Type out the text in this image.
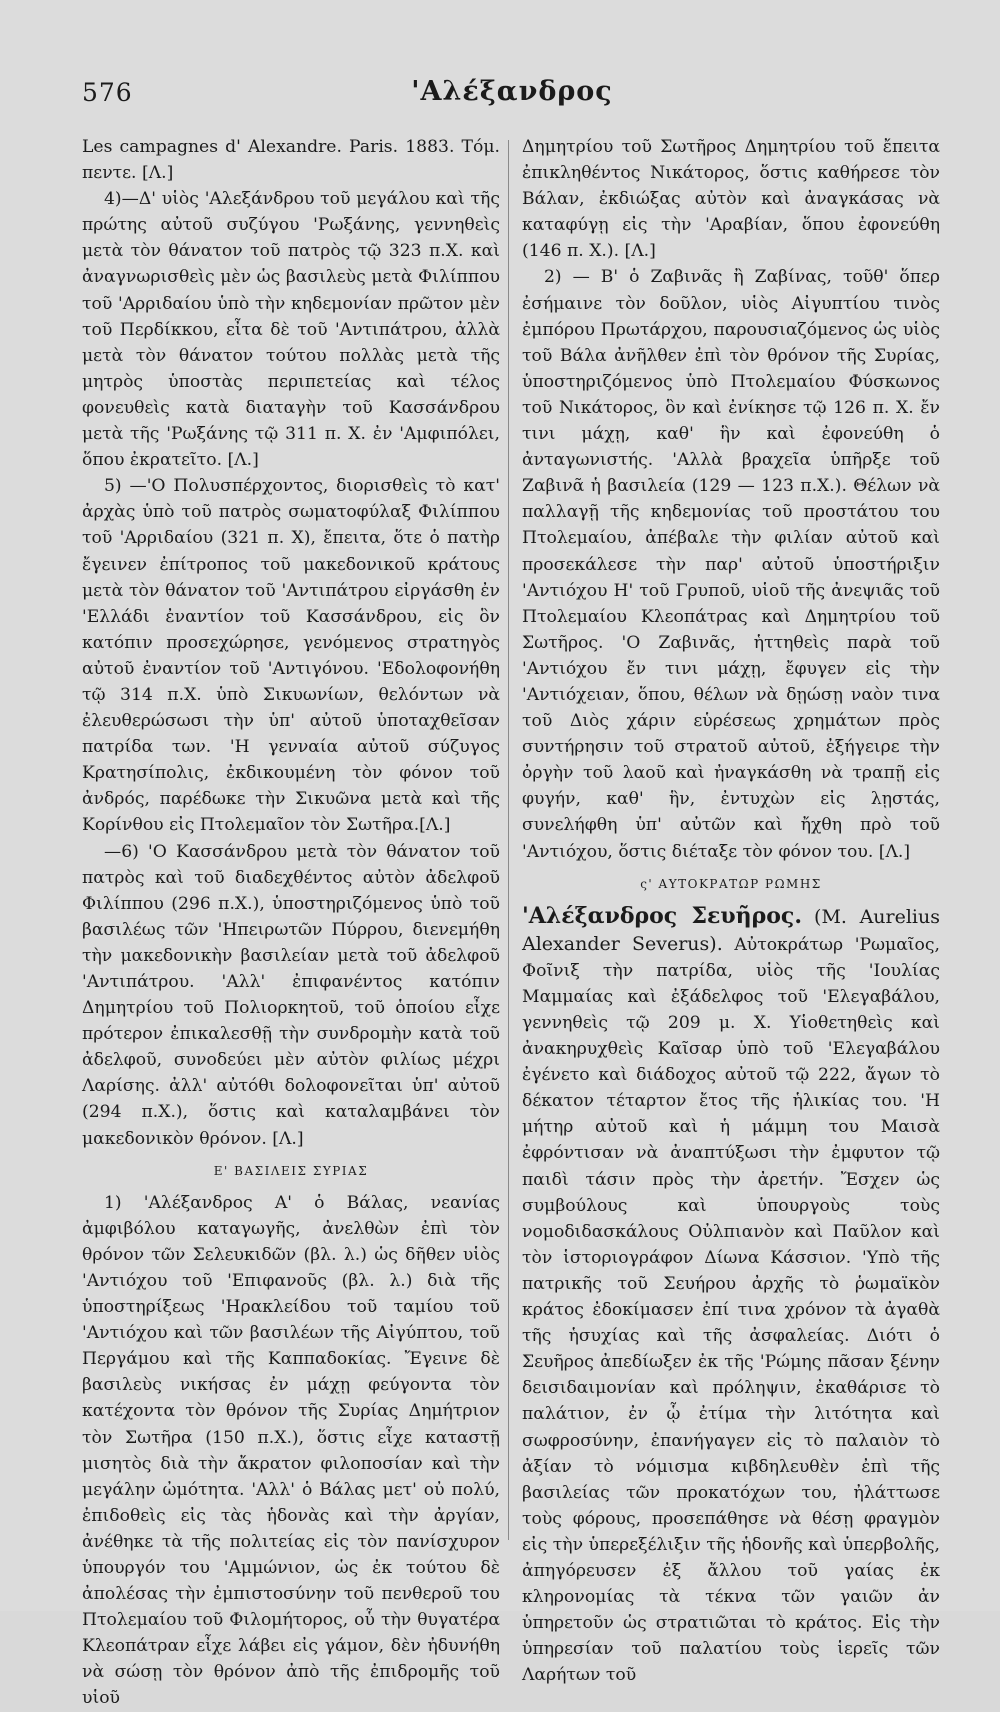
576	'Αλέξανδρος

Les campagnes d' Alexandre. Paris. 1883. Τόμ. πεντε. [Λ.]

4)—Δ' υἱὸς 'Αλεξάνδρου τοῦ μεγάλου καὶ τῆς πρώτης αὐτοῦ συζύγου 'Ρωξάνης, γεννηθεὶς μετὰ τὸν θάνατον τοῦ πατρὸς τῷ 323 π.Χ. καὶ ἀναγνωρισθεὶς μὲν ὡς βασιλεὺς μετὰ Φιλίππου τοῦ 'Αρριδαίου ὑπὸ τὴν κηδεμονίαν πρῶτον μὲν τοῦ Περδίκκου, εἶτα δὲ τοῦ 'Αντιπάτρου, ἀλλὰ μετὰ τὸν θάνατον τούτου πολλὰς μετὰ τῆς μητρὸς ὑποστὰς περιπετείας καὶ τέλος φονευθεὶς κατὰ διαταγὴν τοῦ Κασσάνδρου μετὰ τῆς 'Ρωξάνης τῷ 311 π. Χ. ἐν 'Αμφιπόλει, ὅπου ἐκρατεῖτο. [Λ.]

5) —'Ο Πολυσπέρχοντος, διορισθεὶς τὸ κατ' ἀρχὰς ὑπὸ τοῦ πατρὸς σωματοφύλαξ Φιλίππου τοῦ 'Αρριδαίου (321 π. Χ), ἔπειτα, ὅτε ὁ πατὴρ ἔγεινεν ἐπίτροπος τοῦ μακεδονικοῦ κράτους μετὰ τὸν θάνατον τοῦ 'Αντιπάτρου εἰργάσθη ἐν 'Ελλάδι ἐναντίον τοῦ Κασσάνδρου, εἰς ὃν κατόπιν προσεχώρησε, γενόμενος στρατηγὸς αὐτοῦ ἐναντίον τοῦ 'Αντιγόνου. 'Εδολοφονήθη τῷ 314 π.Χ. ὑπὸ Σικυωνίων, θελόντων νὰ ἐλευθερώσωσι τὴν ὑπ' αὐτοῦ ὑποταχθεῖσαν πατρίδα των. 'Η γενναία αὐτοῦ σύζυγος Κρατησίπολις, ἐκδικουμένη τὸν φόνον τοῦ ἀνδρός, παρέδωκε τὴν Σικυῶνα μετὰ καὶ τῆς Κορίνθου εἰς Πτολεμαῖον τὸν Σωτῆρα.[Λ.]

—6) 'Ο Κασσάνδρου μετὰ τὸν θάνατον τοῦ πατρὸς καὶ τοῦ διαδεχθέντος αὐτὸν ἀδελφοῦ Φιλίππου (296 π.Χ.), ὑποστηριζόμενος ὑπὸ τοῦ βασιλέως τῶν 'Ηπειρωτῶν Πύρρου, διενεμήθη τὴν μακεδονικὴν βασιλείαν μετὰ τοῦ ἀδελφοῦ 'Αντιπάτρου. 'Αλλ' ἐπιφανέντος κατόπιν Δημητρίου τοῦ Πολιορκητοῦ, τοῦ ὁποίου εἶχε πρότερον ἐπικαλεσθῇ τὴν συνδρομὴν κατὰ τοῦ ἀδελφοῦ, συνοδεύει μὲν αὐτὸν φιλίως μέχρι Λαρίσης. ἀλλ' αὐτόθι δολοφονεῖται ὑπ' αὐτοῦ (294 π.Χ.), ὅστις καὶ καταλαμβάνει τὸν μακεδονικὸν θρόνον. [Λ.]

Ε' ΒΑΣΙΛΕΙΣ ΣΥΡΙΑΣ

1) 'Αλέξανδρος Α' ὁ Βάλας, νεανίας ἀμφιβόλου καταγωγῆς, ἀνελθὼν ἐπὶ τὸν θρόνον τῶν Σελευκιδῶν (βλ. λ.) ὡς δῆθεν υἱὸς 'Αντιόχου τοῦ 'Επιφανοῦς (βλ. λ.) διὰ τῆς ὑποστηρίξεως 'Ηρακλείδου τοῦ ταμίου τοῦ 'Αντιόχου καὶ τῶν βασιλέων τῆς Αἰγύπτου, τοῦ Περγάμου καὶ τῆς Καππαδοκίας. Ἔγεινε δὲ βασιλεὺς νικήσας ἐν μάχῃ φεύγοντα τὸν κατέχοντα τὸν θρόνον τῆς Συρίας Δημήτριον τὸν Σωτῆρα (150 π.Χ.), ὅστις εἶχε καταστῇ μισητὸς διὰ τὴν ἄκρατον φιλοποσίαν καὶ τὴν μεγάλην ὠμότητα. 'Αλλ' ὁ Βάλας μετ' οὐ πολύ, ἐπιδοθεὶς εἰς τὰς ἡδονὰς καὶ τὴν ἀργίαν, ἀνέθηκε τὰ τῆς πολιτείας εἰς τὸν πανίσχυρον ὑπουργόν του 'Αμμώνιον, ὡς ἐκ τούτου δὲ ἀπολέσας τὴν ἐμπιστοσύνην τοῦ πενθεροῦ του Πτολεμαίου τοῦ Φιλομήτορος, οὗ τὴν θυγατέρα Κλεοπάτραν εἶχε λάβει εἰς γάμον, δὲν ἠδυνήθη νὰ σώσῃ τὸν θρόνον ἀπὸ τῆς ἐπιδρομῆς τοῦ υἱοῦ

Δημητρίου τοῦ Σωτῆρος Δημητρίου τοῦ ἔπειτα ἐπικληθέντος Νικάτορος, ὅστις καθήρεσε τὸν Βάλαν, ἐκδιώξας αὐτὸν καὶ ἀναγκάσας νὰ καταφύγῃ εἰς τὴν 'Αραβίαν, ὅπου ἐφονεύθη (146 π. Χ.). [Λ.]

2) — Β' ὁ Ζαβινᾶς ἢ Ζαβίνας, τοῦθ' ὅπερ ἐσήμαινε τὸν δοῦλον, υἱὸς Αἰγυπτίου τινὸς ἐμπόρου Πρωτάρχου, παρουσιαζόμενος ὡς υἱὸς τοῦ Βάλα ἀνῆλθεν ἐπὶ τὸν θρόνον τῆς Συρίας, ὑποστηριζόμενος ὑπὸ Πτολεμαίου Φύσκωνος τοῦ Νικάτορος, ὃν καὶ ἐνίκησε τῷ 126 π. Χ. ἔν τινι μάχῃ, καθ' ἣν καὶ ἐφονεύθη ὁ ἀνταγωνιστής. 'Αλλὰ βραχεῖα ὑπῆρξε τοῦ Ζαβινᾶ ἡ βασιλεία (129 — 123 π.Χ.). Θέλων νὰ παλλαγῇ τῆς κηδεμονίας τοῦ προστάτου του Πτολεμαίου, ἀπέβαλε τὴν φιλίαν αὐτοῦ καὶ προσεκάλεσε τὴν παρ' αὐτοῦ ὑποστήριξιν 'Αντιόχου Η' τοῦ Γρυποῦ, υἱοῦ τῆς ἀνεψιᾶς τοῦ Πτολεμαίου Κλεοπάτρας καὶ Δημητρίου τοῦ Σωτῆρος. 'Ο Ζαβινᾶς, ἡττηθεὶς παρὰ τοῦ 'Αντιόχου ἔν τινι μάχῃ, ἔφυγεν εἰς τὴν 'Αντιόχειαν, ὅπου, θέλων νὰ δῃώσῃ ναὸν τινα τοῦ Διὸς χάριν εὑρέσεως χρημάτων πρὸς συντήρησιν τοῦ στρατοῦ αὐτοῦ, ἐξήγειρε τὴν ὀργὴν τοῦ λαοῦ καὶ ἠναγκάσθη νὰ τραπῇ εἰς φυγήν, καθ' ἣν, ἐντυχὼν εἰς λῃστάς, συνελήφθη ὑπ' αὐτῶν καὶ ἤχθη πρὸ τοῦ 'Αντιόχου, ὅστις διέταξε τὸν φόνον του. [Λ.]

ς' ΑΥΤΟΚΡΑΤΩΡ ΡΩΜΗΣ

'Αλέξανδρος Σευῆρος. (M. Aurelius Alexander Severus). Αὐτοκράτωρ 'Ρωμαῖος, Φοῖνιξ τὴν πατρίδα, υἱὸς τῆς 'Ιουλίας Μαμμαίας καὶ ἐξάδελφος τοῦ 'Ελεγαβάλου, γεννηθεὶς τῷ 209 μ. Χ. Υἱοθετηθεὶς καὶ ἀνακηρυχθεὶς Καῖσαρ ὑπὸ τοῦ 'Ελεγαβάλου ἐγένετο καὶ διάδοχος αὐτοῦ τῷ 222, ἄγων τὸ δέκατον τέταρτον ἔτος τῆς ἡλικίας του. 'Η μήτηρ αὐτοῦ καὶ ἡ μάμμη του Μαισὰ ἐφρόντισαν νὰ ἀναπτύξωσι τὴν ἐμφυτον τῷ παιδὶ τάσιν πρὸς τὴν ἀρετήν. Ἔσχεν ὡς συμβούλους καὶ ὑπουργοὺς τοὺς νομοδιδασκάλους Οὐλπιανὸν καὶ Παῦλον καὶ τὸν ἱστοριογράφον Δίωνα Κάσσιον. 'Υπὸ τῆς πατρικῆς τοῦ Σευήρου ἀρχῆς τὸ ῥωμαϊκὸν κράτος ἐδοκίμασεν ἐπί τινα χρόνον τὰ ἀγαθὰ τῆς ἡσυχίας καὶ τῆς ἀσφαλείας. Διότι ὁ Σευῆρος ἀπεδίωξεν ἐκ τῆς 'Ρώμης πᾶσαν ξένην δεισιδαιμονίαν καὶ πρόληψιν, ἐκαθάρισε τὸ παλάτιον, ἐν ᾧ ἐτίμα τὴν λιτότητα καὶ σωφροσύνην, ἐπανήγαγεν εἰς τὸ παλαιὸν τὸ ἀξίαν τὸ νόμισμα κιβδηλευθὲν ἐπὶ τῆς βασιλείας τῶν προκατόχων του, ἠλάττωσε τοὺς φόρους, προσεπάθησε νὰ θέσῃ φραγμὸν εἰς τὴν ὑπερεξέλιξιν τῆς ἡδονῆς καὶ ὑπερβολῆς, ἀπηγόρευσεν ἐξ ἄλλου τοῦ γαίας ἐκ κληρονομίας τὰ τέκνα τῶν γαιῶν ἀν ὑπηρετοῦν ὡς στρατιῶται τὸ κράτος. Εἰς τὴν ὑπηρεσίαν τοῦ παλατίου τοὺς ἱερεῖς τῶν Λαρήτων τοῦ
